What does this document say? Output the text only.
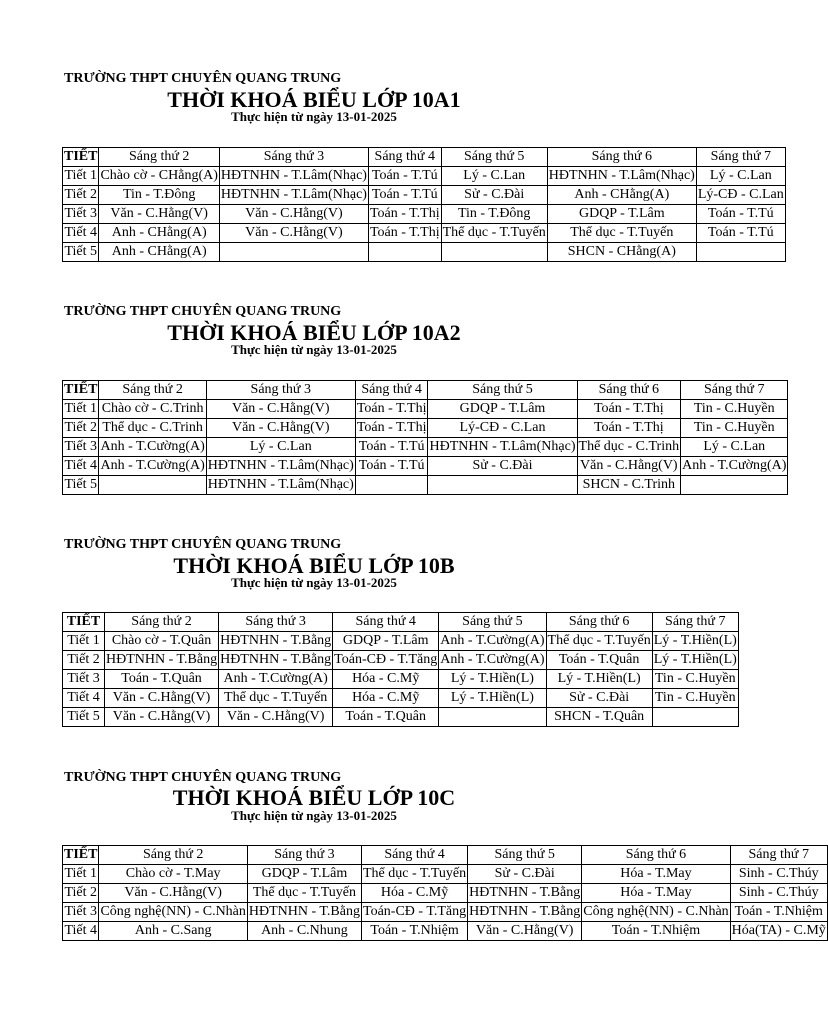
TRƯỜNG THPT CHUYÊN QUANG TRUNG
THỜI KHOÁ BIỂU LỚP 10A1
Thực hiện từ ngày 13-01-2025
TIẾT	Sáng thứ 2	Sáng thứ 3	Sáng thứ 4	Sáng thứ 5	Sáng thứ 6	Sáng thứ 7
Tiết 1	Chào cờ - CHằng(A)	HĐTNHN - T.Lâm(Nhạc)	Toán - T.Tú	Lý - C.Lan	HĐTNHN - T.Lâm(Nhạc)	Lý - C.Lan
Tiết 2	Tin - T.Đông	HĐTNHN - T.Lâm(Nhạc)	Toán - T.Tú	Sử - C.Đài	Anh - CHằng(A)	Lý-CĐ - C.Lan
Tiết 3	Văn - C.Hằng(V)	Văn - C.Hằng(V)	Toán - T.Thị	Tin - T.Đông	GDQP - T.Lâm	Toán - T.Tú
Tiết 4	Anh - CHằng(A)	Văn - C.Hằng(V)	Toán - T.Thị	Thể dục - T.Tuyến	Thể dục - T.Tuyến	Toán - T.Tú
Tiết 5	Anh - CHằng(A)				SHCN - CHằng(A)	
TRƯỜNG THPT CHUYÊN QUANG TRUNG
THỜI KHOÁ BIỂU LỚP 10A2
Thực hiện từ ngày 13-01-2025
TIẾT	Sáng thứ 2	Sáng thứ 3	Sáng thứ 4	Sáng thứ 5	Sáng thứ 6	Sáng thứ 7
Tiết 1	Chào cờ - C.Trinh	Văn - C.Hằng(V)	Toán - T.Thị	GDQP - T.Lâm	Toán - T.Thị	Tin - C.Huyền
Tiết 2	Thể dục - C.Trinh	Văn - C.Hằng(V)	Toán - T.Thị	Lý-CĐ - C.Lan	Toán - T.Thị	Tin - C.Huyền
Tiết 3	Anh - T.Cường(A)	Lý - C.Lan	Toán - T.Tú	HĐTNHN - T.Lâm(Nhạc)	Thể dục - C.Trinh	Lý - C.Lan
Tiết 4	Anh - T.Cường(A)	HĐTNHN - T.Lâm(Nhạc)	Toán - T.Tú	Sử - C.Đài	Văn - C.Hằng(V)	Anh - T.Cường(A)
Tiết 5		HĐTNHN - T.Lâm(Nhạc)			SHCN - C.Trinh	
TRƯỜNG THPT CHUYÊN QUANG TRUNG
THỜI KHOÁ BIỂU LỚP 10B
Thực hiện từ ngày 13-01-2025
TIẾT	Sáng thứ 2	Sáng thứ 3	Sáng thứ 4	Sáng thứ 5	Sáng thứ 6	Sáng thứ 7
Tiết 1	Chào cờ - T.Quân	HĐTNHN - T.Bằng	GDQP - T.Lâm	Anh - T.Cường(A)	Thể dục - T.Tuyến	Lý - T.Hiền(L)
Tiết 2	HĐTNHN - T.Bằng	HĐTNHN - T.Bằng	Toán-CĐ - T.Tăng	Anh - T.Cường(A)	Toán - T.Quân	Lý - T.Hiền(L)
Tiết 3	Toán - T.Quân	Anh - T.Cường(A)	Hóa - C.Mỹ	Lý - T.Hiền(L)	Lý - T.Hiền(L)	Tin - C.Huyền
Tiết 4	Văn - C.Hằng(V)	Thể dục - T.Tuyến	Hóa - C.Mỹ	Lý - T.Hiền(L)	Sử - C.Đài	Tin - C.Huyền
Tiết 5	Văn - C.Hằng(V)	Văn - C.Hằng(V)	Toán - T.Quân		SHCN - T.Quân	
TRƯỜNG THPT CHUYÊN QUANG TRUNG
THỜI KHOÁ BIỂU LỚP 10C
Thực hiện từ ngày 13-01-2025
TIẾT	Sáng thứ 2	Sáng thứ 3	Sáng thứ 4	Sáng thứ 5	Sáng thứ 6	Sáng thứ 7
Tiết 1	Chào cờ - T.May	GDQP - T.Lâm	Thể dục - T.Tuyến	Sử - C.Đài	Hóa - T.May	Sinh - C.Thúy
Tiết 2	Văn - C.Hằng(V)	Thể dục - T.Tuyến	Hóa - C.Mỹ	HĐTNHN - T.Bằng	Hóa - T.May	Sinh - C.Thúy
Tiết 3	Công nghệ(NN) - C.Nhàn	HĐTNHN - T.Bằng	Toán-CĐ - T.Tăng	HĐTNHN - T.Bằng	Công nghệ(NN) - C.Nhàn	Toán - T.Nhiệm
Tiết 4	Anh - C.Sang	Anh - C.Nhung	Toán - T.Nhiệm	Văn - C.Hằng(V)	Toán - T.Nhiệm	Hóa(TA) - C.Mỹ
